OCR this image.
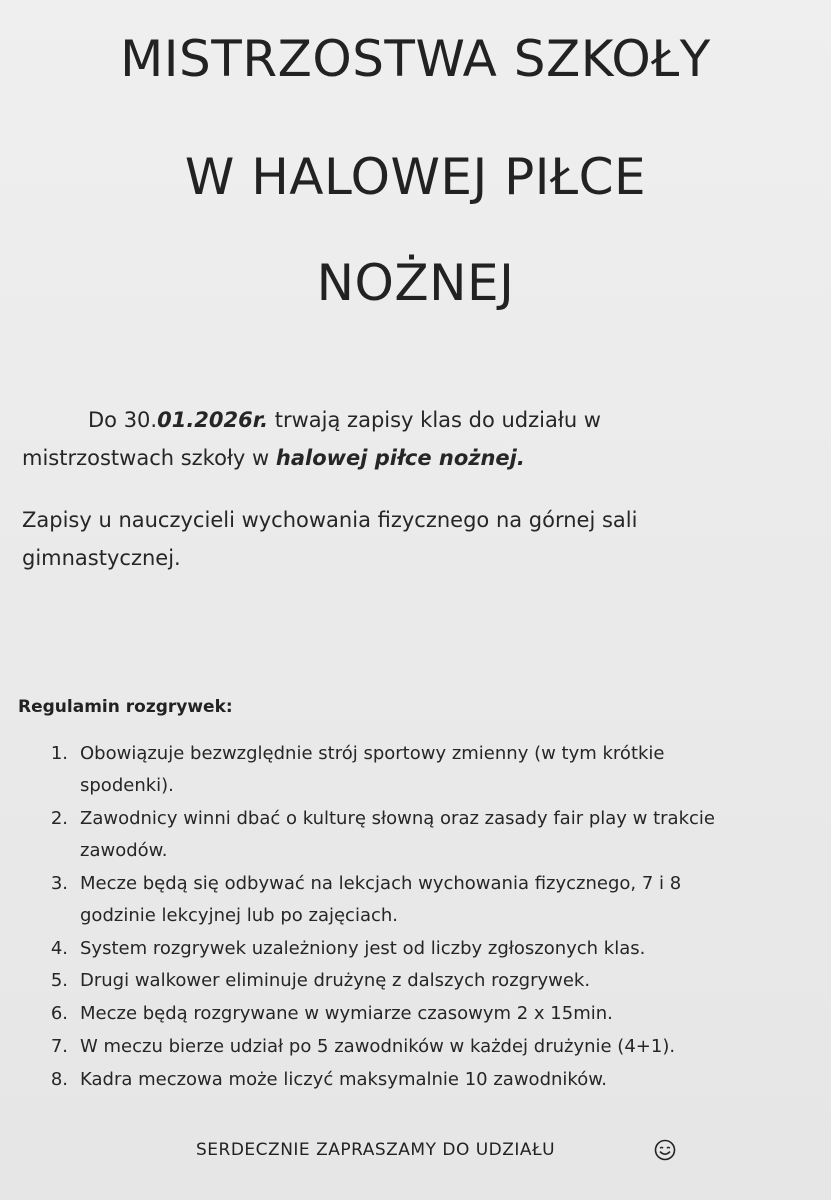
MISTRZOSTWA SZKOŁY
W HALOWEJ PIŁCE
NOŻNEJ
Do 30.01.2026r. trwają zapisy klas do udziału w
mistrzostwach szkoły w halowej piłce nożnej.
Zapisy u nauczycieli wychowania fizycznego na górnej sali
gimnastycznej.
Regulamin rozgrywek:
1. Obowiązuje bezwzględnie strój sportowy zmienny (w tym krótkie
spodenki).
2. Zawodnicy winni dbać o kulturę słowną oraz zasady fair play w trakcie
zawodów.
3. Mecze będą się odbywać na lekcjach wychowania fizycznego, 7 i 8
godzinie lekcyjnej lub po zajęciach.
4. System rozgrywek uzależniony jest od liczby zgłoszonych klas.
5. Drugi walkower eliminuje drużynę z dalszych rozgrywek.
6. Mecze będą rozgrywane w wymiarze czasowym 2 x 15min.
7. W meczu bierze udział po 5 zawodników w każdej drużynie (4+1).
8. Kadra meczowa może liczyć maksymalnie 10 zawodników.
SERDECZNIE ZAPRASZAMY DO UDZIAŁU
